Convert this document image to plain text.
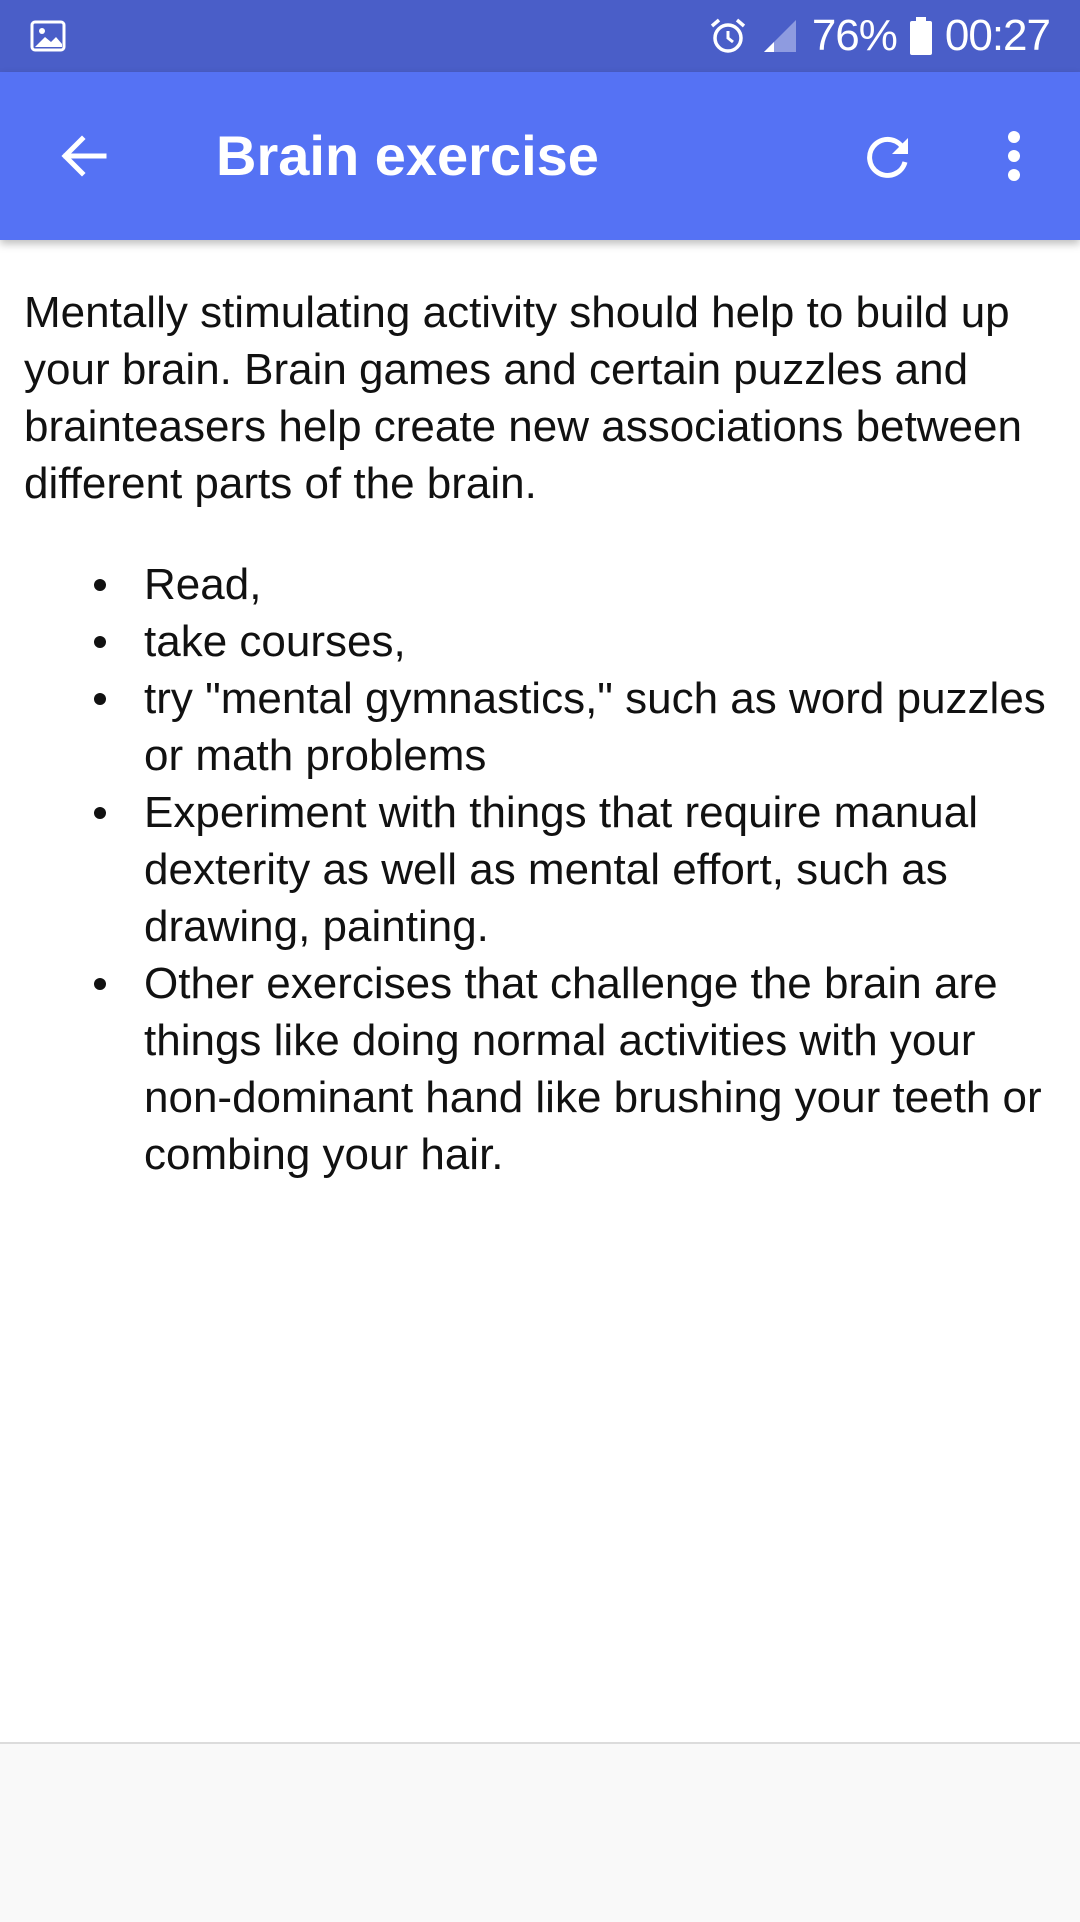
76% 00:27
Brain exercise

Mentally stimulating activity should help to build up your brain. Brain games and certain puzzles and brainteasers help create new associations between different parts of the brain.

Read,
take courses,
try "mental gymnastics," such as word puzzles or math problems
Experiment with things that require manual dexterity as well as mental effort, such as drawing, painting.
Other exercises that challenge the brain are things like doing normal activities with your non-dominant hand like brushing your teeth or combing your hair.
